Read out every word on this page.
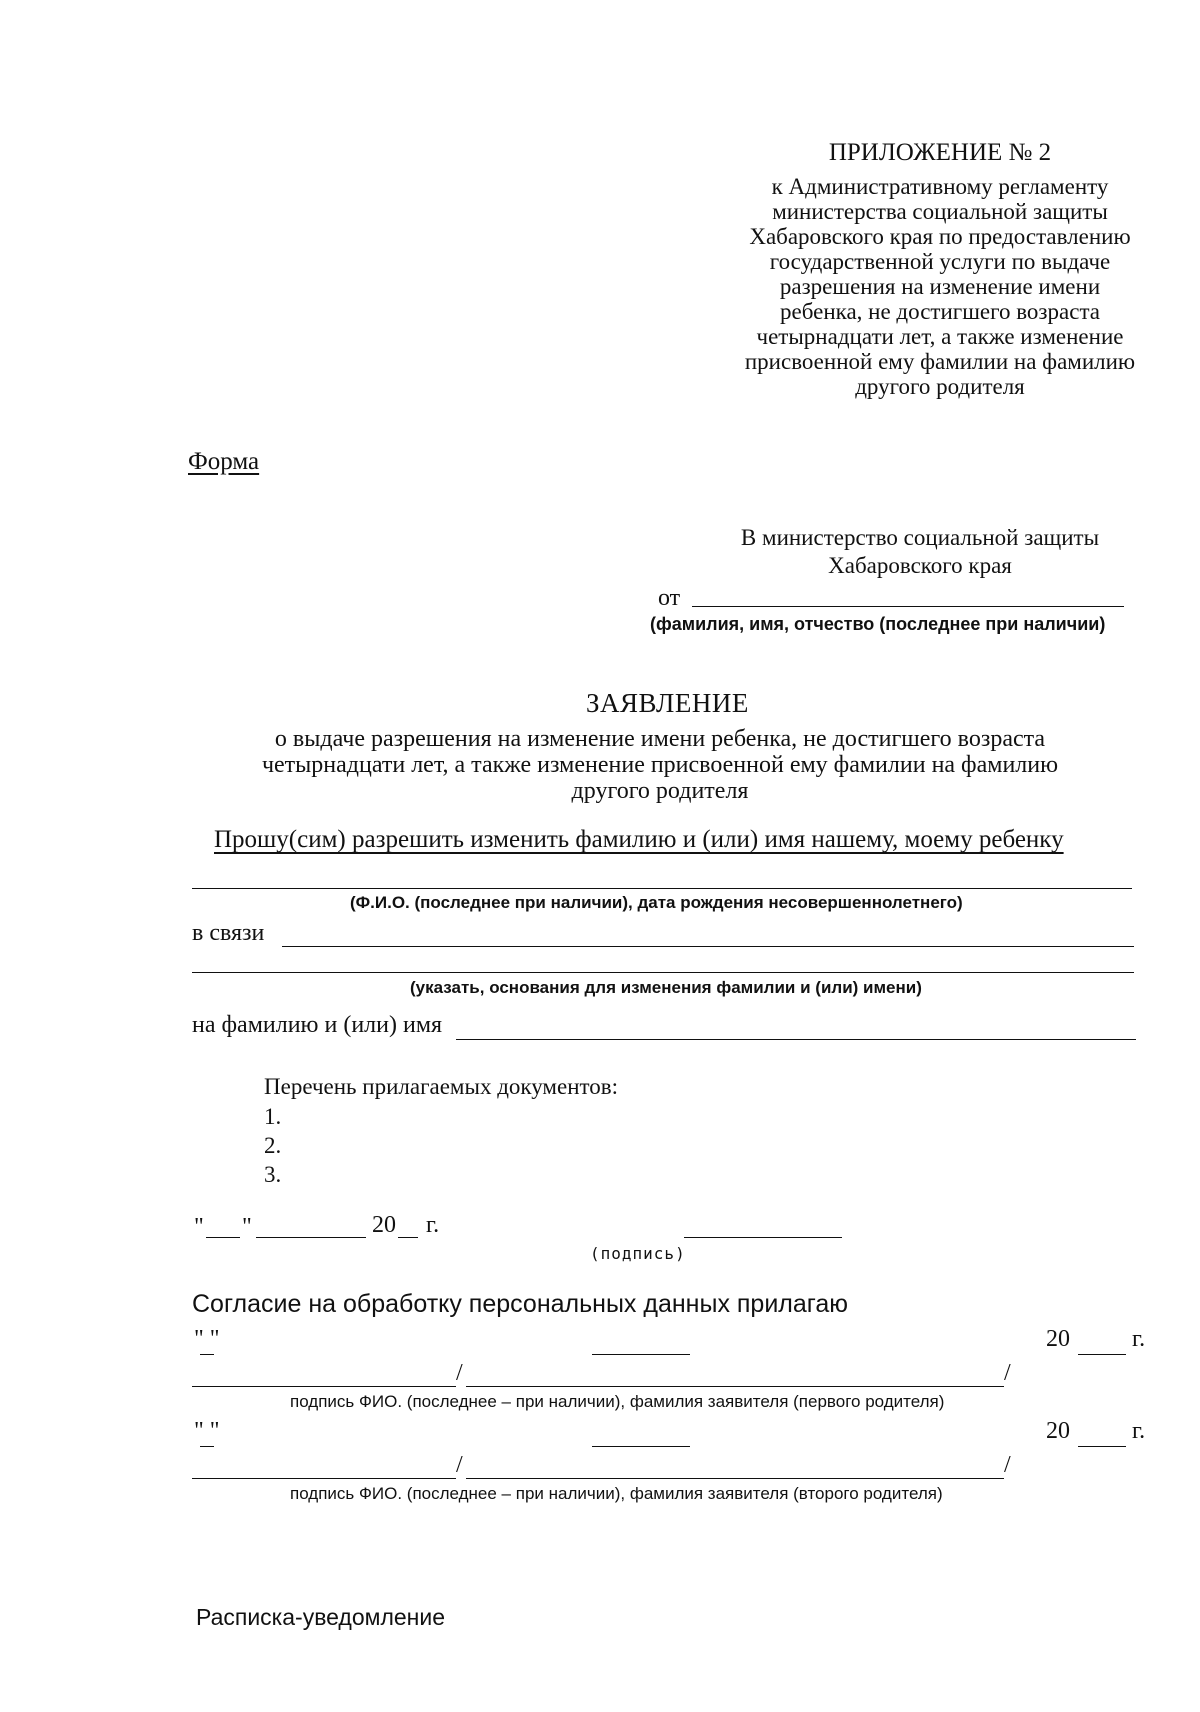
ПРИЛОЖЕНИЕ № 2
к Административному регламенту
министерства социальной защиты
Хабаровского края по предоставлению
государственной услуги по выдаче
разрешения на изменение имени
ребенка, не достигшего возраста
четырнадцати лет, а также изменение
присвоенной ему фамилии на фамилию
другого родителя
Форма
В министерство социальной защиты
Хабаровского края
от
(фамилия, имя, отчество (последнее при наличии)
ЗАЯВЛЕНИЕ
о выдаче разрешения на изменение имени ребенка, не достигшего возраста
четырнадцати лет, а также изменение присвоенной ему фамилии на фамилию
другого родителя
Прошу(сим) разрешить изменить фамилию и (или) имя нашему, моему ребенку
(Ф.И.О. (последнее при наличии), дата рождения несовершеннолетнего)
в связи
(указать, основания для изменения фамилии и (или) имени)
на фамилию и (или) имя
Перечень прилагаемых документов:
1.
2.
3.
" "	20 г.
(подпись)
Согласие на обработку персональных данных прилагаю
" "	20	г.
/	/
подпись ФИО. (последнее – при наличии), фамилия заявителя (первого родителя)
" "	20	г.
/	/
подпись ФИО. (последнее – при наличии), фамилия заявителя (второго родителя)
Расписка-уведомление
